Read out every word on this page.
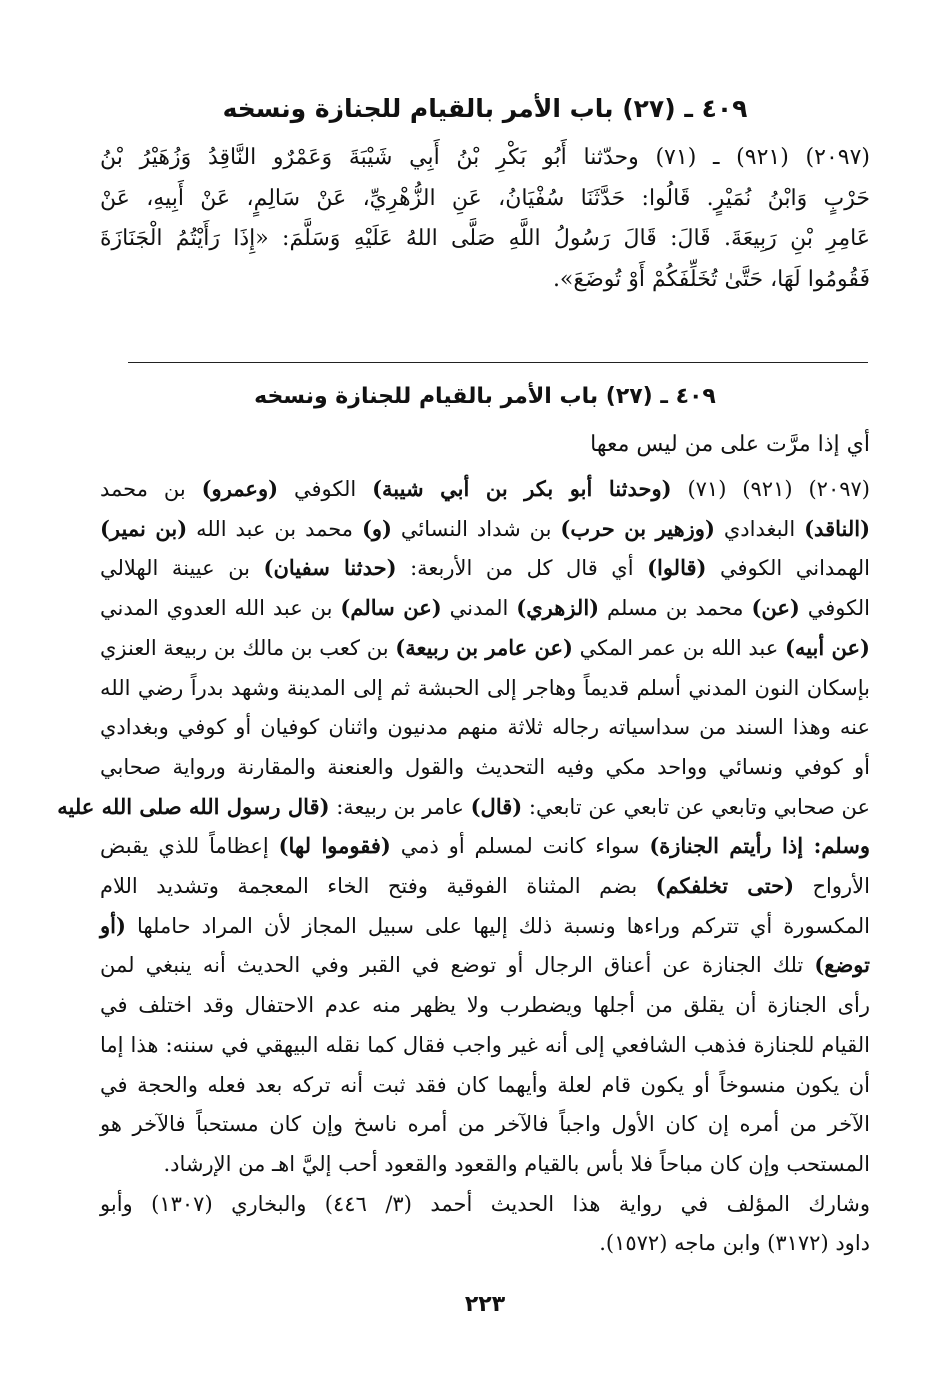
٤٠٩ ـ (٢٧) باب الأمر بالقيام للجنازة ونسخه
(٢٠٩٧) (٩٢١) ـ (٧١) وحدّثنا أَبُو بَكْرِ بْنُ أَبِي شَيْبَةَ وَعَمْرٌو النَّاقِدُ وَزُهَيْرُ بْنُ
حَرْبٍ وَابْنُ نُمَيْرٍ. قَالُوا: حَدَّثَنَا سُفْيَانُ، عَنِ الزُّهْرِيِّ، عَنْ سَالِمٍ، عَنْ أَبِيهِ، عَنْ
عَامِرِ بْنِ رَبِيعَةَ. قَالَ: قَالَ رَسُولُ اللَّهِ صَلَّى اللهُ عَلَيْهِ وَسَلَّمَ: «إِذَا رَأَيْتُمُ الْجَنَازَةَ
فَقُومُوا لَهَا، حَتَّىٰ تُخَلِّفَكُمْ أَوْ تُوضَعَ».
٤٠٩ ـ (٢٧) باب الأمر بالقيام للجنازة ونسخه
أي إذا مرَّت على من ليس معها
(٢٠٩٧) (٩٢١) (٧١) (وحدثنا أبو بكر بن أبي شيبة) الكوفي (وعمرو) بن محمد
(الناقد) البغدادي (وزهير بن حرب) بن شداد النسائي (و) محمد بن عبد الله (بن نمير)
الهمداني الكوفي (قالوا) أي قال كل من الأربعة: (حدثنا سفيان) بن عيينة الهلالي
الكوفي (عن) محمد بن مسلم (الزهري) المدني (عن سالم) بن عبد الله العدوي المدني
(عن أبيه) عبد الله بن عمر المكي (عن عامر بن ربيعة) بن كعب بن مالك بن ربيعة العنزي
بإسكان النون المدني أسلم قديماً وهاجر إلى الحبشة ثم إلى المدينة وشهد بدراً رضي الله
عنه وهذا السند من سداسياته رجاله ثلاثة منهم مدنيون واثنان كوفيان أو كوفي وبغدادي
أو كوفي ونسائي وواحد مكي وفيه التحديث والقول والعنعنة والمقارنة ورواية صحابي
عن صحابي وتابعي عن تابعي عن تابعي: (قال) عامر بن ربيعة: (قال رسول الله صلى الله عليه
وسلم: إذا رأيتم الجنازة) سواء كانت لمسلم أو ذمي (فقوموا لها) إعظاماً للذي يقبض
الأرواح (حتى تخلفكم) بضم المثناة الفوقية وفتح الخاء المعجمة وتشديد اللام
المكسورة أي تتركم وراءها ونسبة ذلك إليها على سبيل المجاز لأن المراد حاملها (أو
توضع) تلك الجنازة عن أعناق الرجال أو توضع في القبر وفي الحديث أنه ينبغي لمن
رأى الجنازة أن يقلق من أجلها ويضطرب ولا يظهر منه عدم الاحتفال وقد اختلف في
القيام للجنازة فذهب الشافعي إلى أنه غير واجب فقال كما نقله البيهقي في سننه: هذا إما
أن يكون منسوخاً أو يكون قام لعلة وأيهما كان فقد ثبت أنه تركه بعد فعله والحجة في
الآخر من أمره إن كان الأول واجباً فالآخر من أمره ناسخ وإن كان مستحباً فالآخر هو
المستحب وإن كان مباحاً فلا بأس بالقيام والقعود والقعود أحب إليَّ اهـ من الإرشاد.
وشارك المؤلف في رواية هذا الحديث أحمد (٣/ ٤٤٦) والبخاري (١٣٠٧) وأبو
داود (٣١٧٢) وابن ماجه (١٥٧٢).
٢٢٣
